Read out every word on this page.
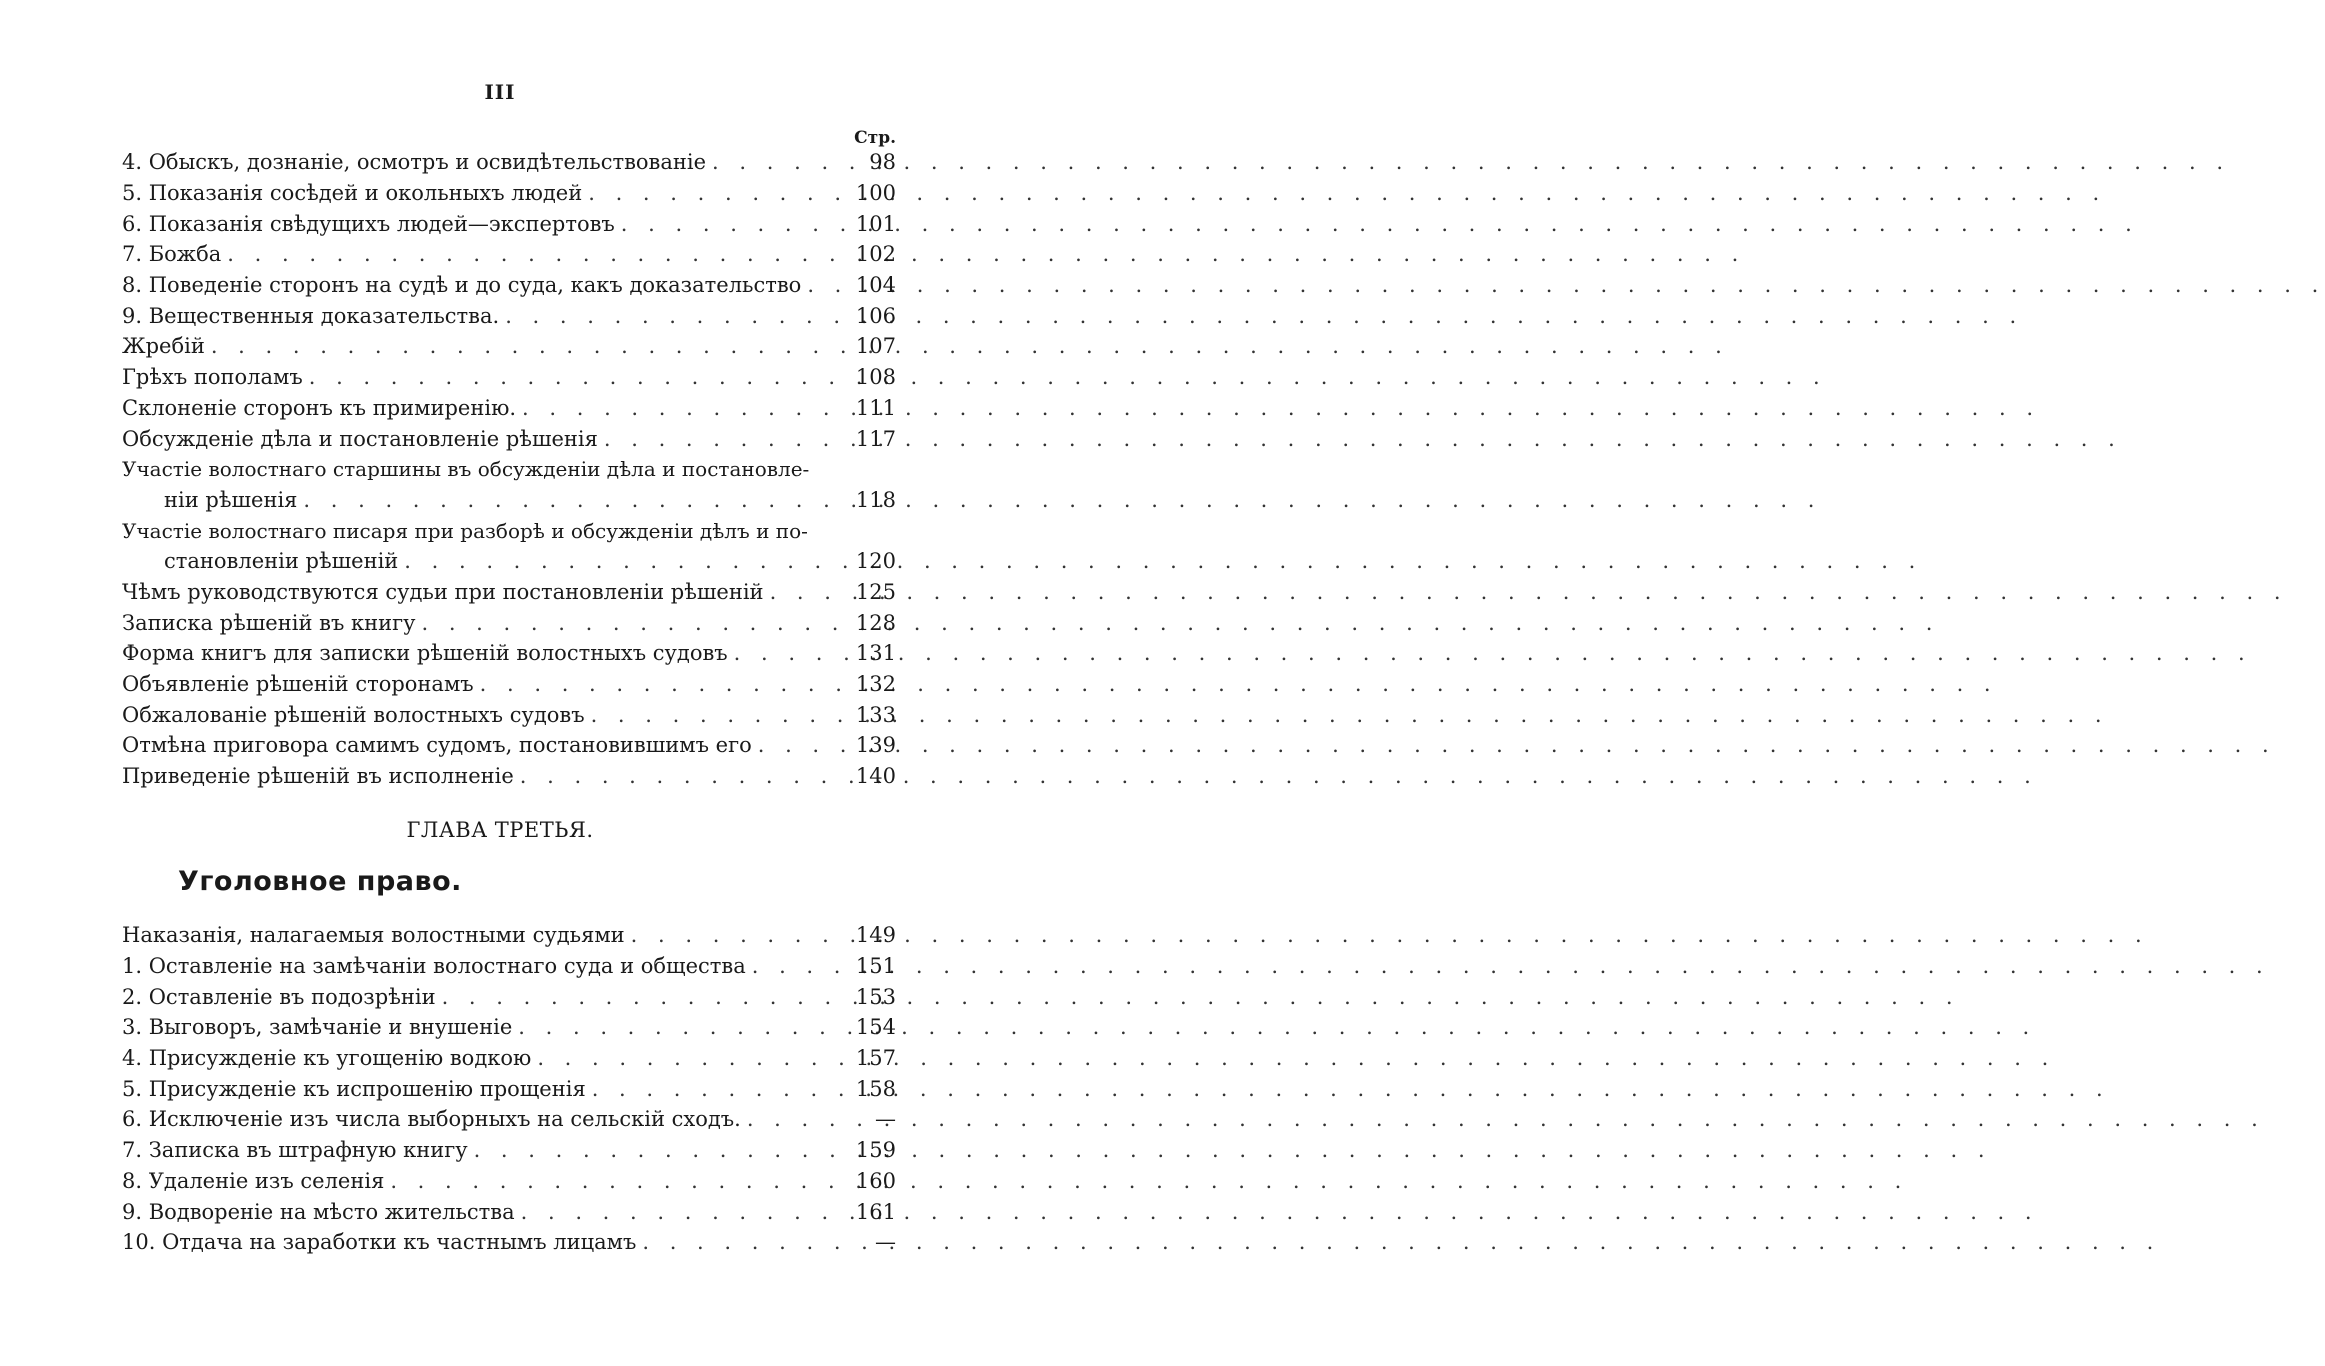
III
Стр.
4. Обыскъ, дознаніе, осмотръ и освидѣтельствованіе . . .	98
5. Показанія сосѣдей и окольныхъ людей . . .	100
6. Показанія свѣдущихъ людей—экспертовъ . . .	101
7. Божба . . .	102
8. Поведеніе сторонъ на судѣ и до суда, какъ доказательство . . .	104
9. Вещественныя доказательства. . . .	106
Жребій . . .	107
Грѣхъ пополамъ . . .	108
Склоненіе сторонъ къ примиренію. . . .	111
Обсужденіе дѣла и постановленіе рѣшенія . . .	117
Участіе волостнаго старшины въ обсужденіи дѣла и постановле-
ніи рѣшенія . . .	118
Участіе волостнаго писаря при разборѣ и обсужденіи дѣлъ и по-
становленіи рѣшеній . . .	120
Чѣмъ руководствуются судьи при постановленіи рѣшеній . . .	125
Записка рѣшеній въ книгу . . .	128
Форма книгъ для записки рѣшеній волостныхъ судовъ . . .	131
Объявленіе рѣшеній сторонамъ . . .	132
Обжалованіе рѣшеній волостныхъ судовъ . . .	133
Отмѣна приговора самимъ судомъ, постановившимъ его . . .	139
Приведеніе рѣшеній въ исполненіе . . .	140
ГЛАВА ТРЕТЬЯ.
Уголовное право.
Наказанія, налагаемыя волостными судьями . . .	149
1. Оставленіе на замѣчаніи волостнаго суда и общества . . .	151
2. Оставленіе въ подозрѣніи . . .	153
3. Выговоръ, замѣчаніе и внушеніе . . .	154
4. Присужденіе къ угощенію водкою . . .	157
5. Присужденіе къ испрошенію прощенія . . .	158
6. Исключеніе изъ числа выборныхъ на сельскій сходъ. . . .	—
7. Записка въ штрафную книгу . . .	159
8. Удаленіе изъ селенія . . .	160
9. Водвореніе на мѣсто жительства . . .	161
10. Отдача на заработки къ частнымъ лицамъ . . .	—
